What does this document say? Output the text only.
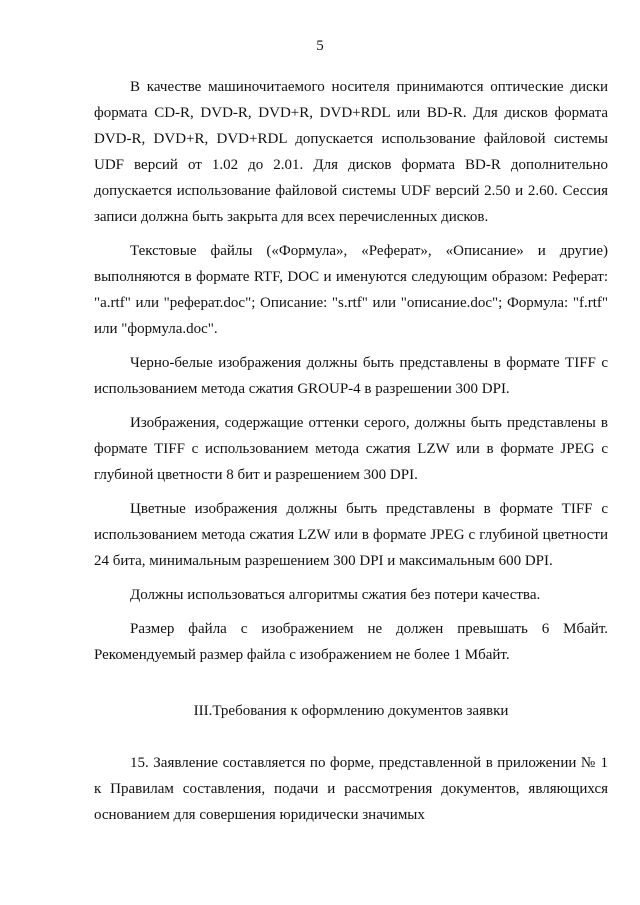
5

В качестве машиночитаемого носителя принимаются оптические диски формата CD-R, DVD-R, DVD+R, DVD+RDL или BD-R. Для дисков формата DVD-R, DVD+R, DVD+RDL допускается использование файловой системы UDF версий от 1.02 до 2.01. Для дисков формата BD-R дополнительно допускается использование файловой системы UDF версий 2.50 и 2.60. Сессия записи должна быть закрыта для всех перечисленных дисков.

Текстовые файлы («Формула», «Реферат», «Описание» и другие) выполняются в формате RTF, DOC и именуются следующим образом: Реферат: "a.rtf" или "реферат.doc"; Описание: "s.rtf" или "описание.doc"; Формула: "f.rtf" или "формула.doc".

Черно-белые изображения должны быть представлены в формате TIFF с использованием метода сжатия GROUP-4 в разрешении 300 DPI.

Изображения, содержащие оттенки серого, должны быть представлены в формате TIFF с использованием метода сжатия LZW или в формате JPEG с глубиной цветности 8 бит и разрешением 300 DPI.

Цветные изображения должны быть представлены в формате TIFF с использованием метода сжатия LZW или в формате JPEG с глубиной цветности 24 бита, минимальным разрешением 300 DPI и максимальным 600 DPI.

Должны использоваться алгоритмы сжатия без потери качества.

Размер файла с изображением не должен превышать 6 Мбайт. Рекомендуемый размер файла с изображением не более 1 Мбайт.

III.Требования к оформлению документов заявки

15. Заявление составляется по форме, представленной в приложении № 1 к Правилам составления, подачи и рассмотрения документов, являющихся основанием для совершения юридически значимых
